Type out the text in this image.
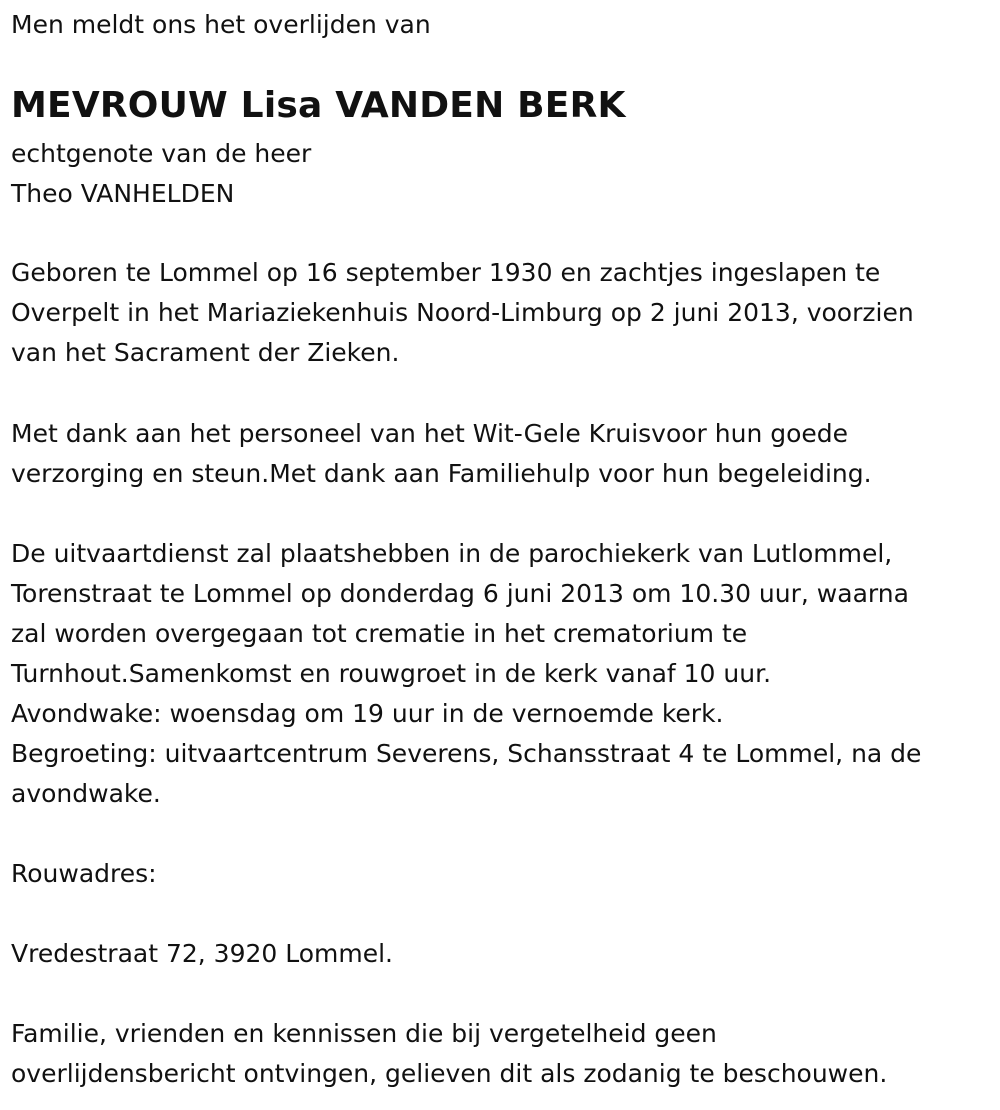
Men meldt ons het overlijden van

MEVROUW Lisa VANDEN BERK

echtgenote van de heer

Theo VANHELDEN

Geboren te Lommel op 16 september 1930 en zachtjes ingeslapen te

Overpelt in het Mariaziekenhuis Noord-Limburg op 2 juni 2013, voorzien

van het Sacrament der Zieken.

Met dank aan het personeel van het Wit-Gele Kruisvoor hun goede

verzorging en steun.Met dank aan Familiehulp voor hun begeleiding.

De uitvaartdienst zal plaatshebben in de parochiekerk van Lutlommel,

Torenstraat te Lommel op donderdag 6 juni 2013 om 10.30 uur, waarna

zal worden overgegaan tot crematie in het crematorium te

Turnhout.Samenkomst en rouwgroet in de kerk vanaf 10 uur.

Avondwake: woensdag om 19 uur in de vernoemde kerk.

Begroeting: uitvaartcentrum Severens, Schansstraat 4 te Lommel, na de

avondwake.

Rouwadres:

Vredestraat 72, 3920 Lommel.

Familie, vrienden en kennissen die bij vergetelheid geen

overlijdensbericht ontvingen, gelieven dit als zodanig te beschouwen.
